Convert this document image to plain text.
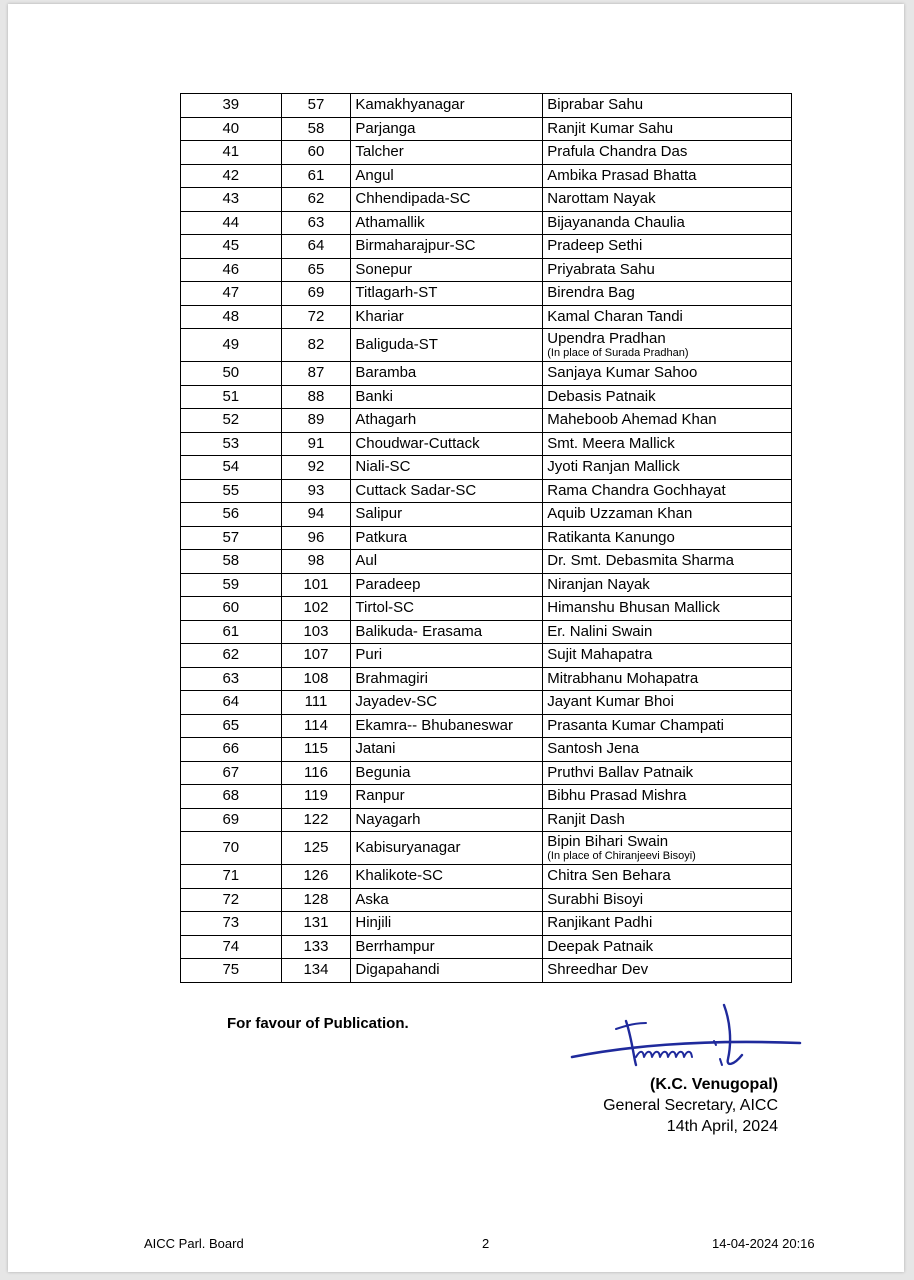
39	57	Kamakhyanagar	Biprabar Sahu
40	58	Parjanga	Ranjit Kumar Sahu
41	60	Talcher	Prafula Chandra Das
42	61	Angul	Ambika Prasad Bhatta
43	62	Chhendipada-SC	Narottam Nayak
44	63	Athamallik	Bijayananda Chaulia
45	64	Birmaharajpur-SC	Pradeep Sethi
46	65	Sonepur	Priyabrata Sahu
47	69	Titlagarh-ST	Birendra Bag
48	72	Khariar	Kamal Charan Tandi
49	82	Baliguda-ST	Upendra Pradhan
(In place of Surada Pradhan)

50	87	Baramba	Sanjaya Kumar Sahoo
51	88	Banki	Debasis Patnaik
52	89	Athagarh	Maheboob Ahemad Khan
53	91	Choudwar-Cuttack	Smt. Meera Mallick
54	92	Niali-SC	Jyoti Ranjan Mallick
55	93	Cuttack Sadar-SC	Rama Chandra Gochhayat
56	94	Salipur	Aquib Uzzaman Khan
57	96	Patkura	Ratikanta Kanungo
58	98	Aul	Dr. Smt. Debasmita Sharma
59	101	Paradeep	Niranjan Nayak
60	102	Tirtol-SC	Himanshu Bhusan Mallick
61	103	Balikuda- Erasama	Er. Nalini Swain
62	107	Puri	Sujit Mahapatra
63	108	Brahmagiri	Mitrabhanu Mohapatra
64	111	Jayadev-SC	Jayant Kumar Bhoi
65	114	Ekamra-- Bhubaneswar	Prasanta Kumar Champati
66	115	Jatani	Santosh Jena
67	116	Begunia	Pruthvi Ballav Patnaik
68	119	Ranpur	Bibhu Prasad Mishra
69	122	Nayagarh	Ranjit Dash
70	125	Kabisuryanagar	Bipin Bihari Swain
(In place of Chiranjeevi Bisoyi)

71	126	Khalikote-SC	Chitra Sen Behara
72	128	Aska	Surabhi Bisoyi
73	131	Hinjili	Ranjikant Padhi
74	133	Berrhampur	Deepak Patnaik
75	134	Digapahandi	Shreedhar Dev
For favour of Publication.
(K.C. Venugopal)
General Secretary, AICC
14th April, 2024
AICC Parl. Board	2	14-04-2024 20:16
